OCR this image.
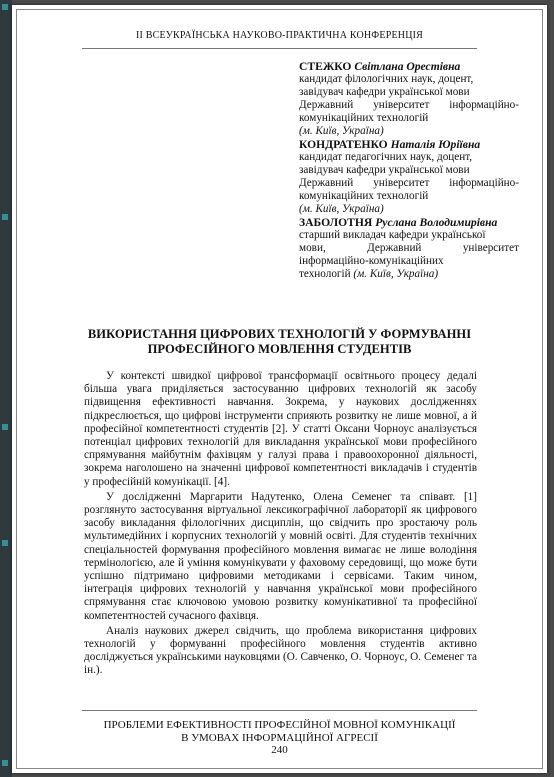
II ВСЕУКРАЇНСЬКА НАУКОВО-ПРАКТИЧНА КОНФЕРЕНЦІЯ
СТЕЖКО Світлана Орестівна
кандидат філологічних наук, доцент,
завідувач кафедри української мови
Державний університет інформаційно-
комунікаційних технологій
(м. Київ, Україна)
КОНДРАТЕНКО Наталія Юріївна
кандидат педагогічних наук, доцент,
завідувач кафедри української мови
Державний університет інформаційно-
комунікаційних технологій
(м. Київ, Україна)
ЗАБОЛОТНЯ Руслана Володимирівна
старший викладач кафедри української
мови, Державний університет
інформаційно-комунікаційних
технологій (м. Київ, Україна)
ВИКОРИСТАННЯ ЦИФРОВИХ ТЕХНОЛОГІЙ У ФОРМУВАННІ
ПРОФЕСІЙНОГО МОВЛЕННЯ СТУДЕНТІВ

У контексті швидкої цифрової трансформації освітнього процесу дедалі більша увага приділяється застосуванню цифрових технологій як засобу підвищення ефективності навчання. Зокрема, у наукових дослідженнях підкреслюється, що цифрові інструменти сприяють розвитку не лише мовної, а й професійної компетентності студентів [2]. У статті Оксани Чорноус аналізується потенціал цифрових технологій для викладання української мови професійного спрямування майбутнім фахівцям у галузі права і правоохоронної діяльності, зокрема наголошено на значенні цифрової компетентності викладачів і студентів у професійній комунікації. [4].

У дослідженні Маргарити Надутенко, Олена Семенег та співавт. [1] розглянуто застосування віртуальної лексикографічної лабораторії як цифрового засобу викладання філологічних дисциплін, що свідчить про зростаючу роль мультимедійних і корпусних технологій у мовній освіті. Для студентів технічних спеціальностей формування професійного мовлення вимагає не лише володіння термінологією, але й уміння комунікувати у фаховому середовищі, що може бути успішно підтримано цифровими методиками і сервісами. Таким чином, інтеграція цифрових технологій у навчання української мови професійного спрямування стає ключовою умовою розвитку комунікативної та професійної компетентностей сучасного фахівця.

Аналіз наукових джерел свідчить, що проблема використання цифрових технологій у формуванні професійного мовлення студентів активно досліджується українськими науковцями (О. Савченко, О. Чорноус, О. Семенег та ін.).

ПРОБЛЕМИ ЕФЕКТИВНОСТІ ПРОФЕСІЙНОЇ МОВНОЇ КОМУНІКАЦІЇ
В УМОВАХ ІНФОРМАЦІЙНОЇ АГРЕСІЇ
240
